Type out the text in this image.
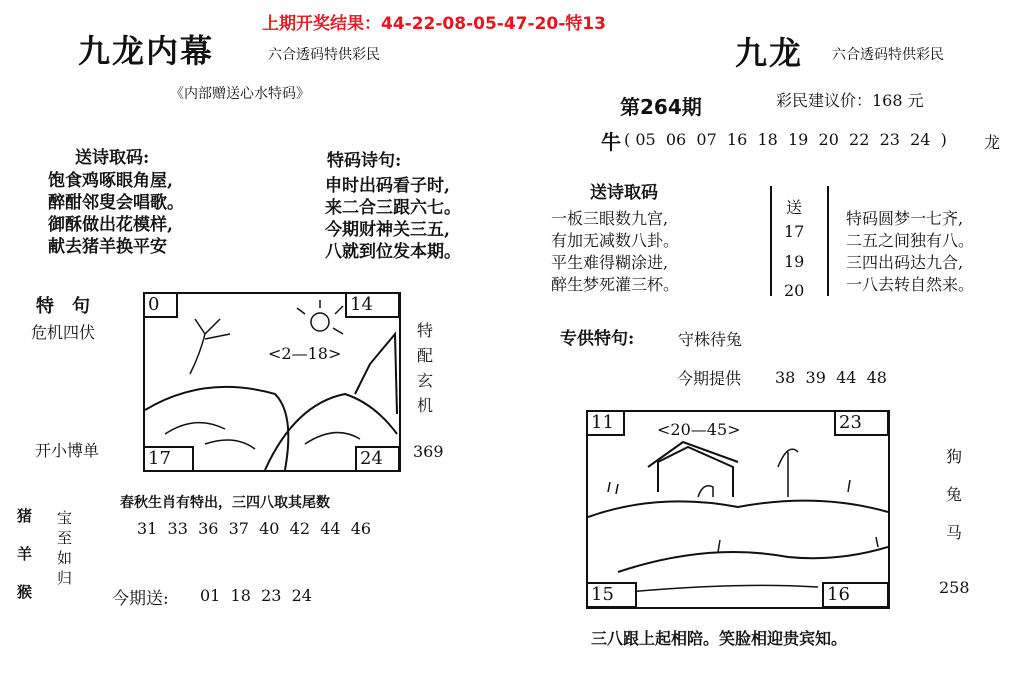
上期开奖结果：44-22-08-05-47-20-特13
九龙内幕	六合透码特供彩民
《内部赠送心水特码》
送诗取码:
饱食鸡啄眼角屋,
醉酣邻叟会唱歌。
御酥做出花模样,
献去猪羊换平安
特码诗句:
申时出码看子时,
来二合三跟六七。
今期财神关三五,
八就到位发本期。
特　句
危机四伏
开小博单
0	14
17	24
<2—18>
特
配
玄
机
369
猪
羊
猴
宝
至
如
归
春秋生肖有特出，三四八取其尾数
31  33  36  37  40  42  44  46
今期送: 01  18  23  24
九龙 六合透码特供彩民
第264期	彩民建议价：168 元
牛 ( 05  06  07  16  18  19  20  22  23  24  ) 龙
送诗取码
一板三眼数九宫,
有加无减数八卦。
平生难得糊涂进,
醉生梦死灌三杯。
送
17
19
20
特码圆梦一七齐,
二五之间独有八。
三四出码达九合,
一八去转自然来。
专供特句:	守株待兔
今期提供 38  39  44  48
11	23
15	16
<20—45>
狗
兔
马
258
三八跟上起相陪。笑脸相迎贵宾知。
